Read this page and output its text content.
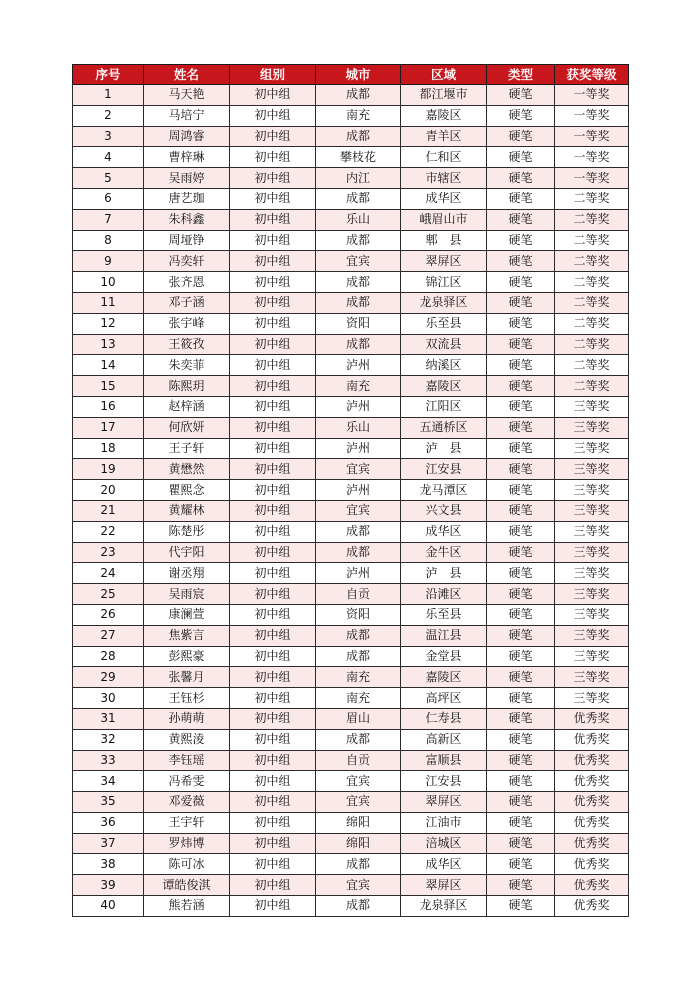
序号	姓名	组别	城市	区域	类型	获奖等级
1	马天艳	初中组	成都	都江堰市	硬笔	一等奖
2	马培宁	初中组	南充	嘉陵区	硬笔	一等奖
3	周鸿睿	初中组	成都	青羊区	硬笔	一等奖
4	曹梓琳	初中组	攀枝花	仁和区	硬笔	一等奖
5	吴雨婷	初中组	内江	市辖区	硬笔	一等奖
6	唐艺珈	初中组	成都	成华区	硬笔	二等奖
7	朱科鑫	初中组	乐山	峨眉山市	硬笔	二等奖
8	周垭铮	初中组	成都	郫　县	硬笔	二等奖
9	冯奕轩	初中组	宜宾	翠屏区	硬笔	二等奖
10	张齐恩	初中组	成都	锦江区	硬笔	二等奖
11	邓子涵	初中组	成都	龙泉驿区	硬笔	二等奖
12	张宇峰	初中组	资阳	乐至县	硬笔	二等奖
13	王筱孜	初中组	成都	双流县	硬笔	二等奖
14	朱奕菲	初中组	泸州	纳溪区	硬笔	二等奖
15	陈熙玥	初中组	南充	嘉陵区	硬笔	二等奖
16	赵梓涵	初中组	泸州	江阳区	硬笔	三等奖
17	何欣妍	初中组	乐山	五通桥区	硬笔	三等奖
18	王子轩	初中组	泸州	泸　县	硬笔	三等奖
19	黄懋然	初中组	宜宾	江安县	硬笔	三等奖
20	瞿熙念	初中组	泸州	龙马潭区	硬笔	三等奖
21	黄耀林	初中组	宜宾	兴文县	硬笔	三等奖
22	陈楚彤	初中组	成都	成华区	硬笔	三等奖
23	代宇阳	初中组	成都	金牛区	硬笔	三等奖
24	谢丞翔	初中组	泸州	泸　县	硬笔	三等奖
25	吴雨宸	初中组	自贡	沿滩区	硬笔	三等奖
26	康澜萱	初中组	资阳	乐至县	硬笔	三等奖
27	焦紫言	初中组	成都	温江县	硬笔	三等奖
28	彭熙豪	初中组	成都	金堂县	硬笔	三等奖
29	张馨月	初中组	南充	嘉陵区	硬笔	三等奖
30	王钰杉	初中组	南充	高坪区	硬笔	三等奖
31	孙萌萌	初中组	眉山	仁寿县	硬笔	优秀奖
32	黄熙淩	初中组	成都	高新区	硬笔	优秀奖
33	李钰瑶	初中组	自贡	富顺县	硬笔	优秀奖
34	冯希雯	初中组	宜宾	江安县	硬笔	优秀奖
35	邓爱薇	初中组	宜宾	翠屏区	硬笔	优秀奖
36	王宇轩	初中组	绵阳	江油市	硬笔	优秀奖
37	罗炜博	初中组	绵阳	涪城区	硬笔	优秀奖
38	陈可冰	初中组	成都	成华区	硬笔	优秀奖
39	谭皓俊淇	初中组	宜宾	翠屏区	硬笔	优秀奖
40	熊若涵	初中组	成都	龙泉驿区	硬笔	优秀奖
